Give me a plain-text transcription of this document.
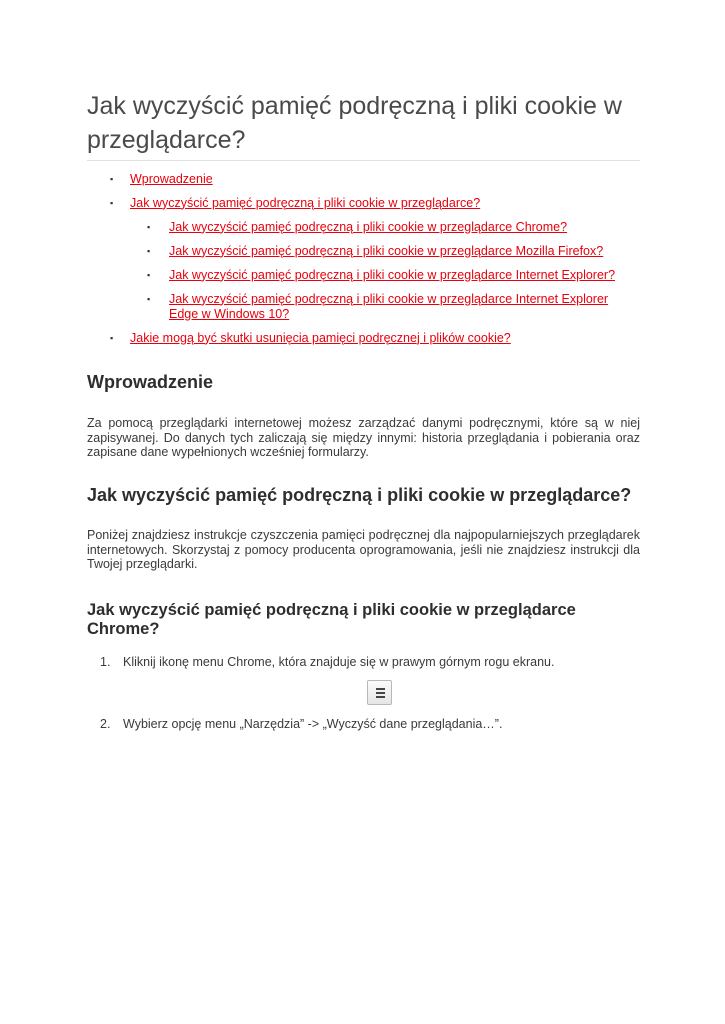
Jak wyczyścić pamięć podręczną i pliki cookie w przeglądarce?
▪ Wprowadzenie
▪ Jak wyczyścić pamięć podręczną i pliki cookie w przeglądarce?
▪ Jak wyczyścić pamięć podręczną i pliki cookie w przeglądarce Chrome?
▪ Jak wyczyścić pamięć podręczną i pliki cookie w przeglądarce Mozilla Firefox?
▪ Jak wyczyścić pamięć podręczną i pliki cookie w przeglądarce Internet Explorer?
▪ Jak wyczyścić pamięć podręczną i pliki cookie w przeglądarce Internet Explorer Edge w Windows 10?
▪ Jakie mogą być skutki usunięcia pamięci podręcznej i plików cookie?
Wprowadzenie

Za pomocą przeglądarki internetowej możesz zarządzać danymi podręcznymi, które są w niej zapisywanej. Do danych tych zaliczają się między innymi: historia przeglądania i pobierania oraz zapisane dane wypełnionych wcześniej formularzy.

Jak wyczyścić pamięć podręczną i pliki cookie w przeglądarce?

Poniżej znajdziesz instrukcje czyszczenia pamięci podręcznej dla najpopularniejszych przeglądarek internetowych. Skorzystaj z pomocy producenta oprogramowania, jeśli nie znajdziesz instrukcji dla Twojej przeglądarki.

Jak wyczyścić pamięć podręczną i pliki cookie w przeglądarce Chrome?
1. Kliknij ikonę menu Chrome, która znajduje się w prawym górnym rogu ekranu.
2. Wybierz opcję menu „Narzędzia” -> „Wyczyść dane przeglądania…”.
